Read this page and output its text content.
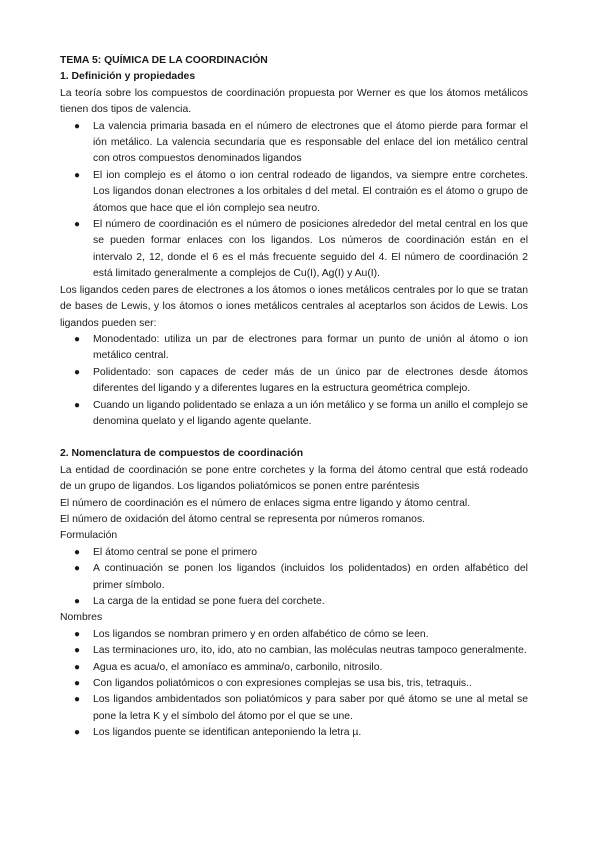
TEMA 5: QUÍMICA DE LA COORDINACIÓN

1. Definición y propiedades

La teoría sobre los compuestos de coordinación propuesta por Werner es que los átomos metálicos tienen dos tipos de valencia.

● La valencia primaria basada en el número de electrones que el átomo pierde para formar el ión metálico. La valencia secundaria que es responsable del enlace del ion metálico central con otros compuestos denominados ligandos
● El ion complejo es el átomo o ion central rodeado de ligandos, va siempre entre corchetes. Los ligandos donan electrones a los orbitales d del metal. El contraión es el átomo o grupo de átomos que hace que el ión complejo sea neutro.
● El número de coordinación es el número de posiciones alrededor del metal central en los que se pueden formar enlaces con los ligandos. Los números de coordinación están en el intervalo 2, 12, donde el 6 es el más frecuente seguido del 4. El número de coordinación 2 está limitado generalmente a complejos de Cu(I), Ag(I) y Au(I).

Los ligandos ceden pares de electrones a los átomos o iones metálicos centrales por lo que se tratan de bases de Lewis, y los átomos o iones metálicos centrales al aceptarlos son ácidos de Lewis. Los ligandos pueden ser:

● Monodentado: utiliza un par de electrones para formar un punto de unión al átomo o ion metálico central.
● Polidentado: son capaces de ceder más de un único par de electrones desde átomos diferentes del ligando y a diferentes lugares en la estructura geométrica complejo.
● Cuando un ligando polidentado se enlaza a un ión metálico y se forma un anillo el complejo se denomina quelato y el ligando agente quelante.

2. Nomenclatura de compuestos de coordinación

La entidad de coordinación se pone entre corchetes y la forma del átomo central que está rodeado de un grupo de ligandos. Los ligandos poliatómicos se ponen entre paréntesis

El número de coordinación es el número de enlaces sigma entre ligando y átomo central.

El número de oxidación del átomo central se representa por números romanos.

Formulación

● El átomo central se pone el primero
● A continuación se ponen los ligandos (incluidos los polidentados) en orden alfabético del primer símbolo.
● La carga de la entidad se pone fuera del corchete.

Nombres

● Los ligandos se nombran primero y en orden alfabético de cómo se leen.
● Las terminaciones uro, ito, ido, ato no cambian, las moléculas neutras tampoco generalmente.
● Agua es acua/o, el amoníaco es ammina/o, carbonilo, nitrosilo.
● Con ligandos poliatómicos o con expresiones complejas se usa bis, tris, tetraquis..
● Los ligandos ambidentados son poliatómicos y para saber por qué átomo se une al metal se pone la letra K y el símbolo del átomo por el que se une.
● Los ligandos puente se identifican anteponiendo la letra µ.
